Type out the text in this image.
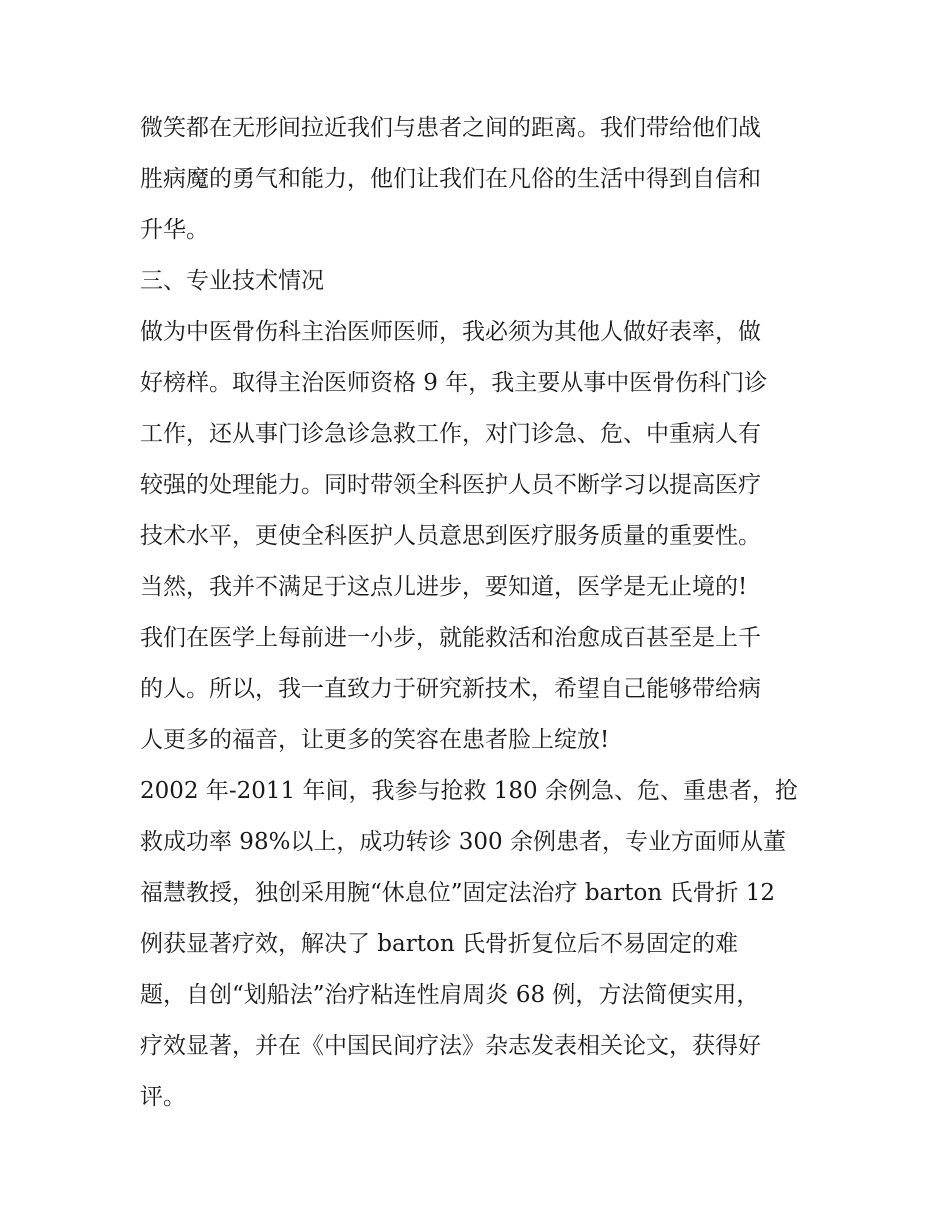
微笑都在无形间拉近我们与患者之间的距离。我们带给他们战
胜病魔的勇气和能力，他们让我们在凡俗的生活中得到自信和
升华。
三、专业技术情况
做为中医骨伤科主治医师医师，我必须为其他人做好表率，做
好榜样。取得主治医师资格 9 年，我主要从事中医骨伤科门诊
工作，还从事门诊急诊急救工作，对门诊急、危、中重病人有
较强的处理能力。同时带领全科医护人员不断学习以提高医疗
技术水平，更使全科医护人员意思到医疗服务质量的重要性。
当然，我并不满足于这点儿进步，要知道，医学是无止境的!
我们在医学上每前进一小步，就能救活和治愈成百甚至是上千
的人。所以，我一直致力于研究新技术，希望自己能够带给病
人更多的福音，让更多的笑容在患者脸上绽放!
2002 年-2011 年间，我参与抢救 180 余例急、危、重患者，抢
救成功率 98%以上，成功转诊 300 余例患者，专业方面师从董
福慧教授，独创采用腕“休息位”固定法治疗 barton 氏骨折 12
例获显著疗效，解决了 barton 氏骨折复位后不易固定的难
题，自创“划船法”治疗粘连性肩周炎 68 例，方法简便实用，
疗效显著，并在《中国民间疗法》杂志发表相关论文，获得好
评。
